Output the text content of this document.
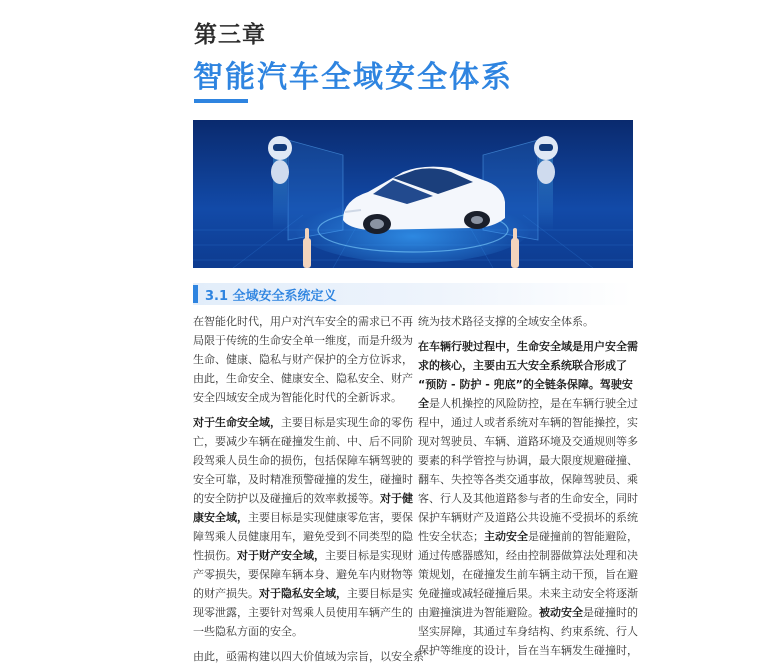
第三章
智能汽车全域安全体系
3.1 全域安全系统定义

在智能化时代，用户对汽车安全的需求已不再
局限于传统的生命安全单一维度，而是升级为
生命、健康、隐私与财产保护的全方位诉求，
由此，生命安全、健康安全、隐私安全、财产
安全四域安全成为智能化时代的全新诉求。

对于生命安全域，主要目标是实现生命的零伤
亡，要减少车辆在碰撞发生前、中、后不同阶
段驾乘人员生命的损伤，包括保障车辆驾驶的
安全可靠，及时精准预警碰撞的发生，碰撞时
的安全防护以及碰撞后的效率救援等。对于健
康安全域，主要目标是实现健康零危害，要保
障驾乘人员健康用车，避免受到不同类型的隐
性损伤。对于财产安全域，主要目标是实现财
产零损失，要保障车辆本身、避免车内财物等
的财产损失。对于隐私安全域，主要目标是实
现零泄露，主要针对驾乘人员使用车辆产生的
一些隐私方面的安全。

由此，亟需构建以四大价值域为宗旨，以安全系

统为技术路径支撑的全域安全体系。

在车辆行驶过程中，生命安全域是用户安全需
求的核心，主要由五大安全系统联合形成了
“预防 - 防护 - 兜底”的全链条保障。驾驶安
全是人机操控的风险防控，是在车辆行驶全过
程中，通过人或者系统对车辆的智能操控，实
现对驾驶员、车辆、道路环境及交通规则等多
要素的科学管控与协调，最大限度规避碰撞、
翻车、失控等各类交通事故，保障驾驶员、乘
客、行人及其他道路参与者的生命安全，同时
保护车辆财产及道路公共设施不受损坏的系统
性安全状态；主动安全是碰撞前的智能避险，
通过传感器感知，经由控制器做算法处理和决
策规划，在碰撞发生前车辆主动干预，旨在避
免碰撞或减轻碰撞后果。未来主动安全将逐渐
由避撞演进为智能避险。被动安全是碰撞时的
坚实屏障，其通过车身结构、约束系统、行人
保护等维度的设计，旨在当车辆发生碰撞时，
